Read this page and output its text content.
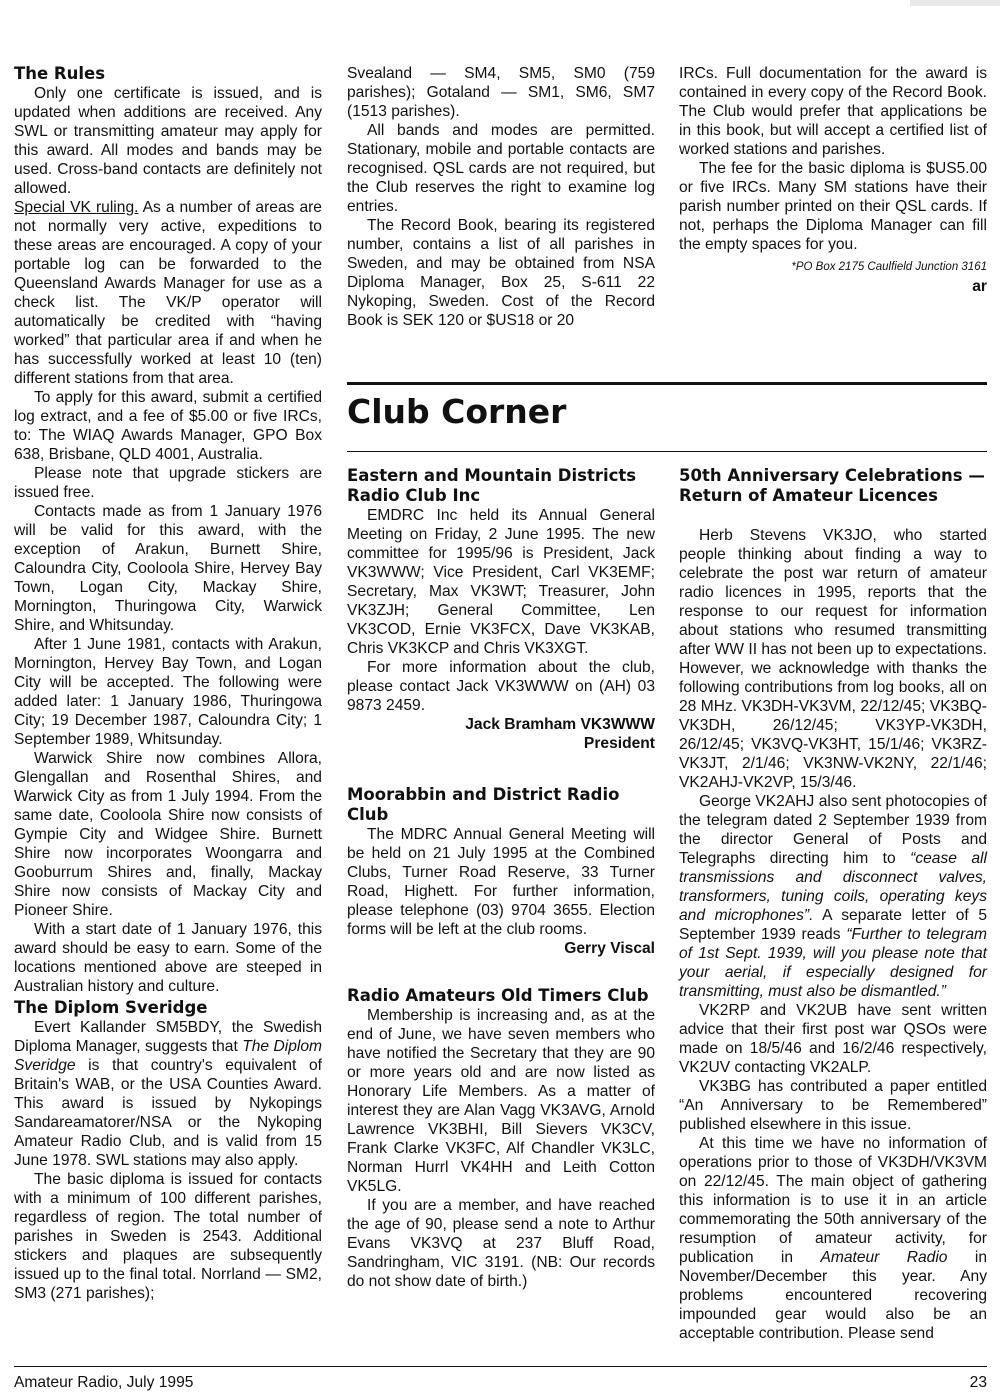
The Rules

Only one certificate is issued, and is updated when additions are received. Any SWL or transmitting amateur may apply for this award. All modes and bands may be used. Cross-band contacts are definitely not allowed.

Special VK ruling. As a number of areas are not normally very active, expeditions to these areas are encouraged. A copy of your portable log can be forwarded to the Queensland Awards Manager for use as a check list. The VK/P operator will automatically be credited with “having worked” that particular area if and when he has successfully worked at least 10 (ten) different stations from that area.

To apply for this award, submit a certified log extract, and a fee of $5.00 or five IRCs, to: The WIAQ Awards Manager, GPO Box 638, Brisbane, QLD 4001, Australia.

Please note that upgrade stickers are issued free.

Contacts made as from 1 January 1976 will be valid for this award, with the exception of Arakun, Burnett Shire, Caloundra City, Cooloola Shire, Hervey Bay Town, Logan City, Mackay Shire, Mornington, Thuringowa City, Warwick Shire, and Whitsunday.

After 1 June 1981, contacts with Arakun, Mornington, Hervey Bay Town, and Logan City will be accepted. The following were added later: 1 January 1986, Thuringowa City; 19 December 1987, Caloundra City; 1 September 1989, Whitsunday.

Warwick Shire now combines Allora, Glengallan and Rosenthal Shires, and Warwick City as from 1 July 1994. From the same date, Cooloola Shire now consists of Gympie City and Widgee Shire. Burnett Shire now incorporates Woongarra and Gooburrum Shires and, finally, Mackay Shire now consists of Mackay City and Pioneer Shire.

With a start date of 1 January 1976, this award should be easy to earn. Some of the locations mentioned above are steeped in Australian history and culture.

The Diplom Sveridge

Evert Kallander SM5BDY, the Swedish Diploma Manager, suggests that The Diplom Sveridge is that country's equivalent of Britain's WAB, or the USA Counties Award. This award is issued by Nykopings Sandareamatorer/NSA or the Nykoping Amateur Radio Club, and is valid from 15 June 1978. SWL stations may also apply.

The basic diploma is issued for contacts with a minimum of 100 different parishes, regardless of region. The total number of parishes in Sweden is 2543. Additional stickers and plaques are subsequently issued up to the final total. Norrland — SM2, SM3 (271 parishes);

Svealand — SM4, SM5, SM0 (759 parishes); Gotaland — SM1, SM6, SM7 (1513 parishes).

All bands and modes are permitted. Stationary, mobile and portable contacts are recognised. QSL cards are not required, but the Club reserves the right to examine log entries.

The Record Book, bearing its registered number, contains a list of all parishes in Sweden, and may be obtained from NSA Diploma Manager, Box 25, S-611 22 Nykoping, Sweden. Cost of the Record Book is SEK 120 or $US18 or 20

IRCs. Full documentation for the award is contained in every copy of the Record Book. The Club would prefer that applications be in this book, but will accept a certified list of worked stations and parishes.

The fee for the basic diploma is $US5.00 or five IRCs. Many SM stations have their parish number printed on their QSL cards. If not, perhaps the Diploma Manager can fill the empty spaces for you.

*PO Box 2175 Caulfield Junction 3161

ar

Club Corner
Eastern and Mountain Districts Radio Club Inc

EMDRC Inc held its Annual General Meeting on Friday, 2 June 1995. The new committee for 1995/96 is President, Jack VK3WWW; Vice President, Carl VK3EMF; Secretary, Max VK3WT; Treasurer, John VK3ZJH; General Committee, Len VK3COD, Ernie VK3FCX, Dave VK3KAB, Chris VK3KCP and Chris VK3XGT.

For more information about the club, please contact Jack VK3WWW on (AH) 03 9873 2459.

Jack Bramham VK3WWW

President

Moorabbin and District Radio Club

The MDRC Annual General Meeting will be held on 21 July 1995 at the Combined Clubs, Turner Road Reserve, 33 Turner Road, Highett. For further information, please telephone (03) 9704 3655. Election forms will be left at the club rooms.

Gerry Viscal

Radio Amateurs Old Timers Club

Membership is increasing and, as at the end of June, we have seven members who have notified the Secretary that they are 90 or more years old and are now listed as Honorary Life Members. As a matter of interest they are Alan Vagg VK3AVG, Arnold Lawrence VK3BHI, Bill Sievers VK3CV, Frank Clarke VK3FC, Alf Chandler VK3LC, Norman Hurrl VK4HH and Leith Cotton VK5LG.

If you are a member, and have reached the age of 90, please send a note to Arthur Evans VK3VQ at 237 Bluff Road, Sandringham, VIC 3191. (NB: Our records do not show date of birth.)

50th Anniversary Celebrations — Return of Amateur Licences

Herb Stevens VK3JO, who started people thinking about finding a way to celebrate the post war return of amateur radio licences in 1995, reports that the response to our request for information about stations who resumed transmitting after WW II has not been up to expectations. However, we acknowledge with thanks the following contributions from log books, all on 28 MHz. VK3DH-VK3VM, 22/12/45; VK3BQ-VK3DH, 26/12/45; VK3YP-VK3DH, 26/12/45; VK3VQ-VK3HT, 15/1/46; VK3RZ-VK3JT, 2/1/46; VK3NW-VK2NY, 22/1/46; VK2AHJ-VK2VP, 15/3/46.

George VK2AHJ also sent photocopies of the telegram dated 2 September 1939 from the director General of Posts and Telegraphs directing him to “cease all transmissions and disconnect valves, transformers, tuning coils, operating keys and microphones”. A separate letter of 5 September 1939 reads “Further to telegram of 1st Sept. 1939, will you please note that your aerial, if especially designed for transmitting, must also be dismantled.”

VK2RP and VK2UB have sent written advice that their first post war QSOs were made on 18/5/46 and 16/2/46 respectively, VK2UV contacting VK2ALP.

VK3BG has contributed a paper entitled “An Anniversary to be Remembered” published elsewhere in this issue.

At this time we have no information of operations prior to those of VK3DH/VK3VM on 22/12/45. The main object of gathering this information is to use it in an article commemorating the 50th anniversary of the resumption of amateur activity, for publication in Amateur Radio in November/December this year. Any problems encountered recovering impounded gear would also be an acceptable contribution. Please send

Amateur Radio, July 1995	23
